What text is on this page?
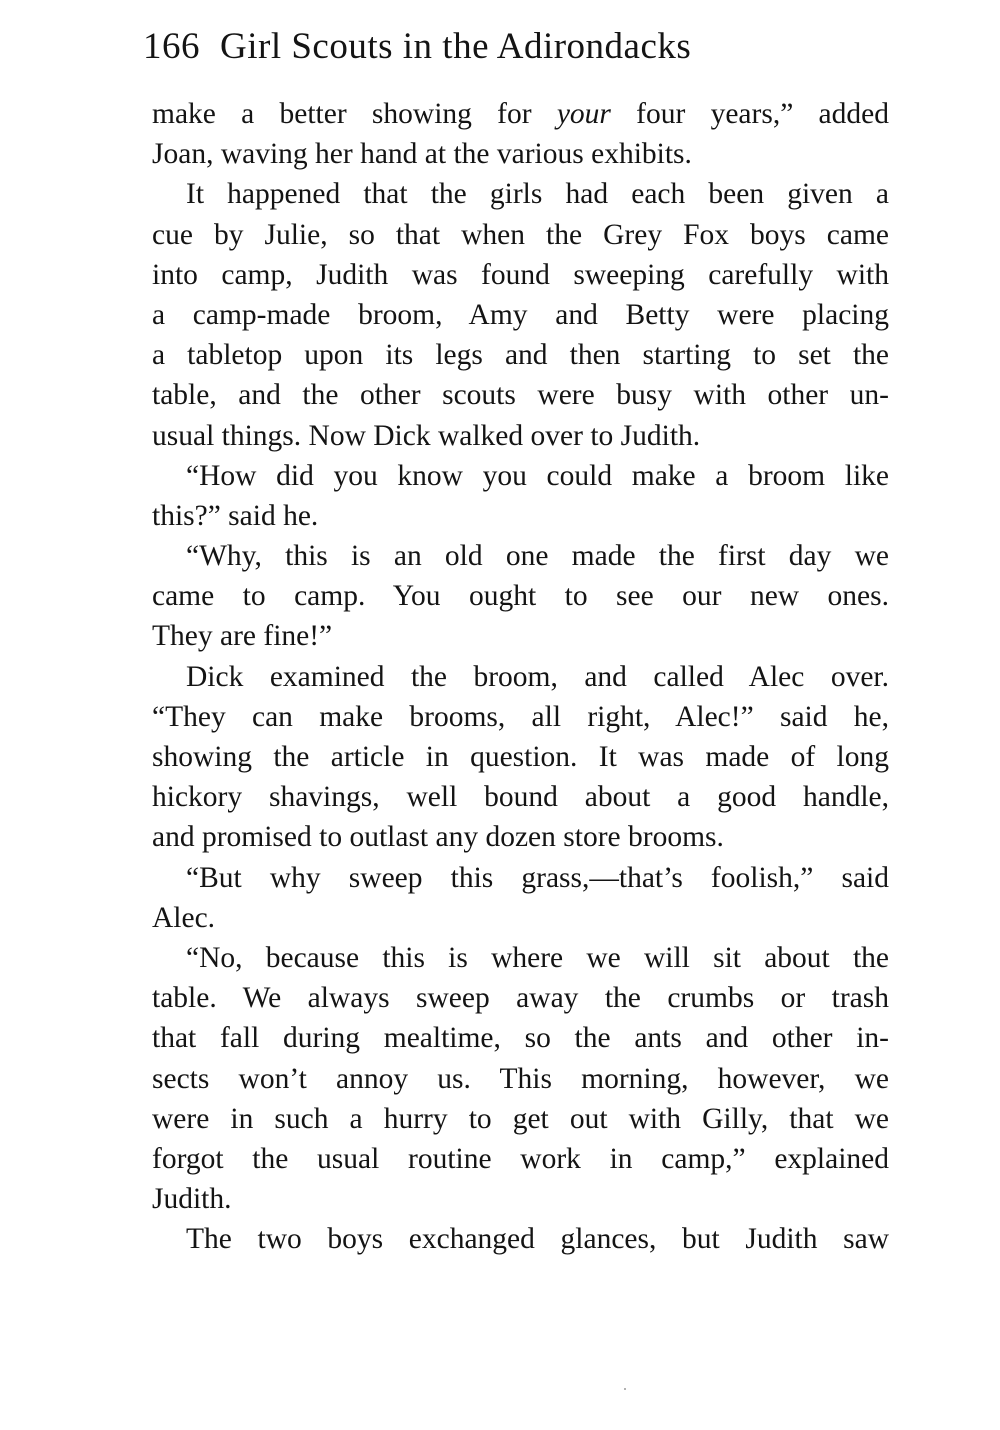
166 Girl Scouts in the Adirondacks
make a better showing for your four years,” added
Joan, waving her hand at the various exhibits.
It happened that the girls had each been given a
cue by Julie, so that when the Grey Fox boys came
into camp, Judith was found sweeping carefully with
a camp-made broom, Amy and Betty were placing
a tabletop upon its legs and then starting to set the
table, and the other scouts were busy with other un-
usual things. Now Dick walked over to Judith.
“How did you know you could make a broom like
this?” said he.
“Why, this is an old one made the first day we
came to camp. You ought to see our new ones.
They are fine!”
Dick examined the broom, and called Alec over.
“They can make brooms, all right, Alec!” said he,
showing the article in question. It was made of long
hickory shavings, well bound about a good handle,
and promised to outlast any dozen store brooms.
“But why sweep this grass,—that’s foolish,” said
Alec.
“No, because this is where we will sit about the
table. We always sweep away the crumbs or trash
that fall during mealtime, so the ants and other in-
sects won’t annoy us. This morning, however, we
were in such a hurry to get out with Gilly, that we
forgot the usual routine work in camp,” explained
Judith.
The two boys exchanged glances, but Judith saw
